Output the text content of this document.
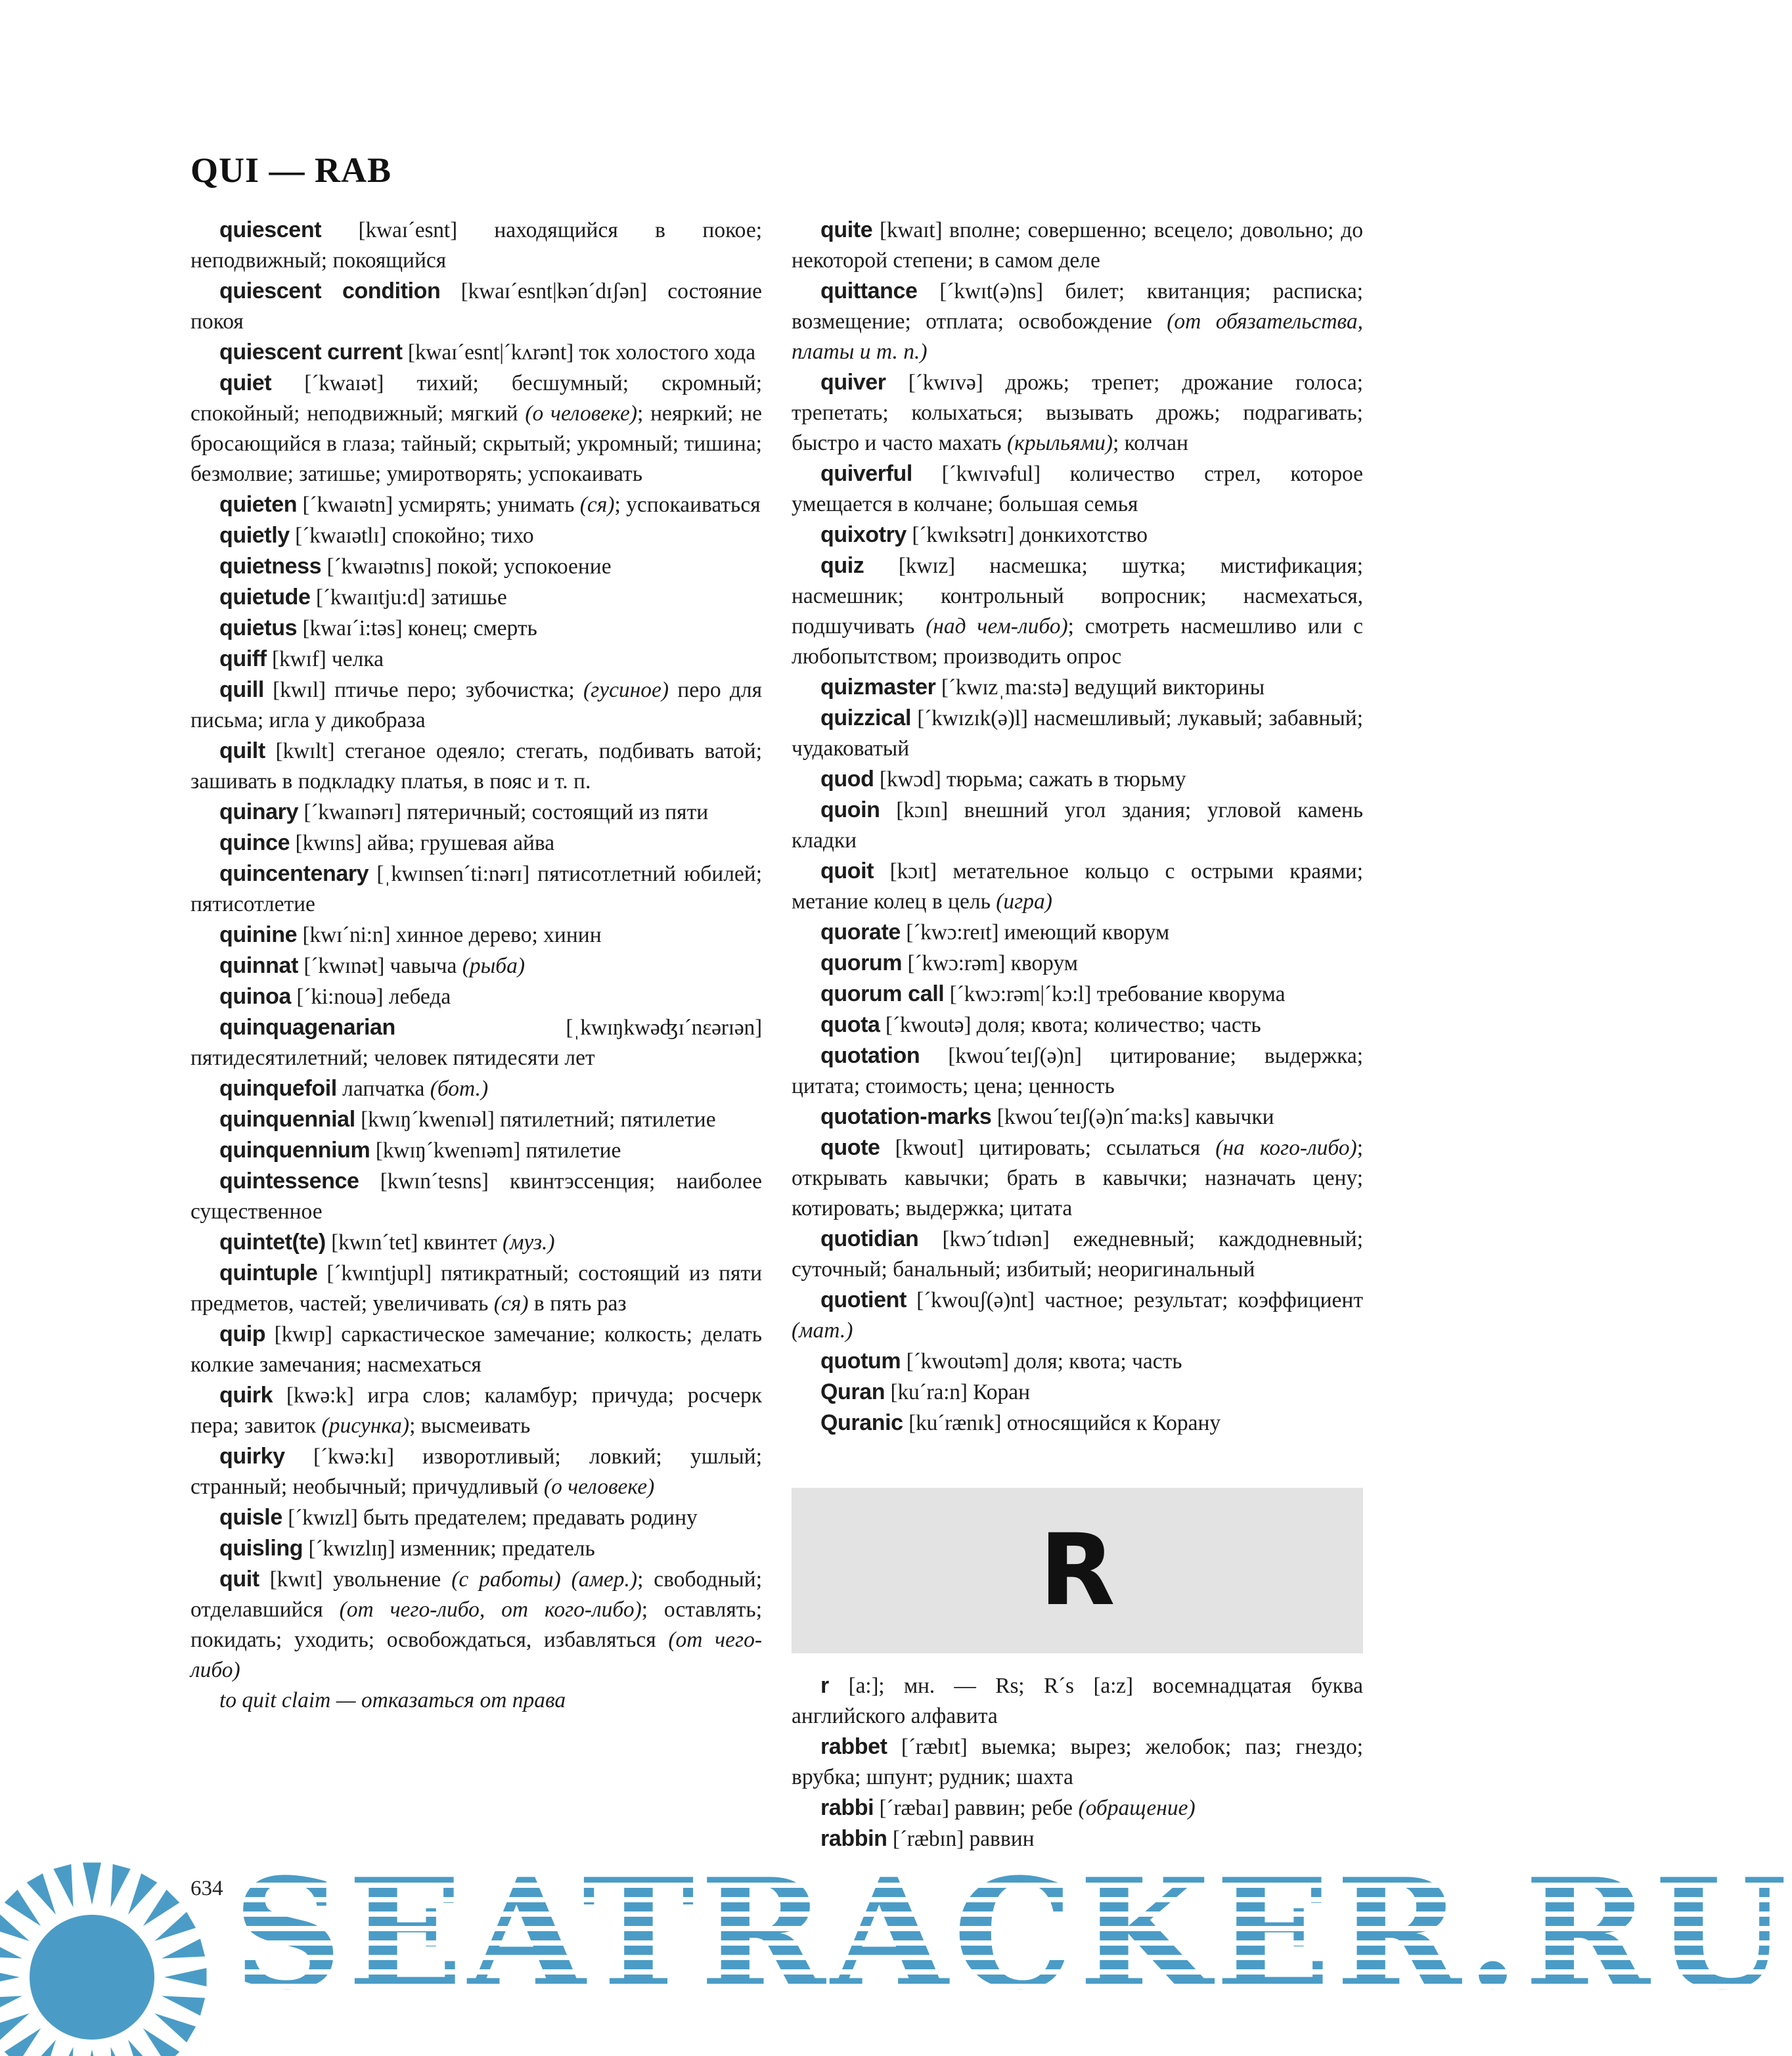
QUI — RAB

quiescent [kwaɪ´esnt] находящийся в покое; неподвижный; покоящийся

quiescent condition [kwaɪ´esnt|kən´dɪʃən] состояние покоя

quiescent current [kwaɪ´esnt|´kʌrənt] ток холостого хода

quiet [´kwaɪət] тихий; бесшумный; скромный; спокойный; неподвижный; мягкий (о человеке); неяркий; не бросающийся в глаза; тайный; скрытый; укромный; тишина; безмолвие; затишье; умиротворять; успокаивать

quieten [´kwaɪətn] усмирять; унимать (ся); успокаиваться

quietly [´kwaɪətlɪ] спокойно; тихо

quietness [´kwaɪətnɪs] покой; успокоение

quietude [´kwaɪɪtju:d] затишье

quietus [kwaɪ´i:təs] конец; смерть

quiff [kwɪf] челка

quill [kwɪl] птичье перо; зубочистка; (гусиное) перо для письма; игла у дикобраза

quilt [kwɪlt] стеганое одеяло; стегать, подбивать ватой; зашивать в подкладку платья, в пояс и т. п.

quinary [´kwaɪnərɪ] пятеричный; состоящий из пяти

quince [kwɪns] айва; грушевая айва

quincentenary [ˌkwɪnsen´ti:nərɪ] пятисотлетний юбилей; пятисотлетие

quinine [kwɪ´ni:n] хинное дерево; хинин

quinnat [´kwɪnət] чавыча (рыба)

quinoa [´ki:nouə] лебеда

quinquagenarian	[ˌkwɪŋkwəʤɪ´nɛərɪən] пятидесятилетний; человек пятидесяти лет

quinquefoil лапчатка (бот.)

quinquennial [kwɪŋ´kwenɪəl] пятилетний; пятилетие

quinquennium [kwɪŋ´kwenɪəm] пятилетие

quintessence [kwɪn´tesns] квинтэссенция; наиболее существенное

quintet(te) [kwɪn´tet] квинтет (муз.)

quintuple [´kwɪntjupl] пятикратный; состоящий из пяти предметов, частей; увеличивать (ся) в пять раз

quip [kwɪp] саркастическое замечание; колкость; делать колкие замечания; насмехаться

quirk [kwə:k] игра слов; каламбур; причуда; росчерк пера; завиток (рисунка); высмеивать

quirky [´kwə:kɪ] изворотливый; ловкий; ушлый; странный; необычный; причудливый (о человеке)

quisle [´kwɪzl] быть предателем; предавать родину

quisling [´kwɪzlɪŋ] изменник; предатель

quit [kwɪt] увольнение (с работы) (амер.); свободный; отделавшийся (от чего-либо, от кого-либо); оставлять; покидать; уходить; освобождаться, избавляться (от чего-либо)

to quit claim — отказаться от права

quite [kwaɪt] вполне; совершенно; всецело; довольно; до некоторой степени; в самом деле

quittance [´kwɪt(ə)ns] билет; квитанция; расписка; возмещение; отплата; освобождение (от обязательства, платы и т. п.)

quiver [´kwɪvə] дрожь; трепет; дрожание голоса; трепетать; колыхаться; вызывать дрожь; подрагивать; быстро и часто махать (крыльями); колчан

quiverful [´kwɪvəful] количество стрел, которое умещается в колчане; большая семья

quixotry [´kwɪksətrɪ] донкихотство

quiz [kwɪz] насмешка; шутка; мистификация; насмешник; контрольный вопросник; насмехаться, подшучивать (над чем-либо); смотреть насмешливо или с любопытством; производить опрос

quizmaster [´kwɪzˌma:stə] ведущий викторины

quizzical [´kwɪzɪk(ə)l] насмешливый; лукавый; забавный; чудаковатый

quod [kwɔd] тюрьма; сажать в тюрьму

quoin [kɔɪn] внешний угол здания; угловой камень кладки

quoit [kɔɪt] метательное кольцо с острыми краями; метание колец в цель (игра)

quorate [´kwɔ:reɪt] имеющий кворум

quorum [´kwɔ:rəm] кворум

quorum call [´kwɔ:rəm|´kɔ:l] требование кворума

quota [´kwoutə] доля; квота; количество; часть

quotation [kwou´teɪʃ(ə)n] цитирование; выдержка; цитата; стоимость; цена; ценность

quotation-marks [kwou´teɪʃ(ə)n´ma:ks] кавычки

quote [kwout] цитировать; ссылаться (на кого-либо); открывать кавычки; брать в кавычки; назначать цену; котировать; выдержка; цитата

quotidian [kwɔ´tɪdɪən] ежедневный; каждодневный; суточный; банальный; избитый; неоригинальный

quotient [´kwouʃ(ə)nt] частное; результат; коэффициент (мат.)

quotum [´kwoutəm] доля; квота; часть

Quran [ku´ra:n] Коран

Quranic [ku´rænɪk] относящийся к Корану

R

r [a:]; мн. — Rs; R´s [a:z] восемнадцатая буква английского алфавита

rabbet [´ræbɪt] выемка; вырез; желобок; паз; гнездо; врубка; шпунт; рудник; шахта

rabbi [´ræbaɪ] раввин; ребе (обращение)

rabbin [´ræbɪn] раввин

634 SEATRACKER.RU
